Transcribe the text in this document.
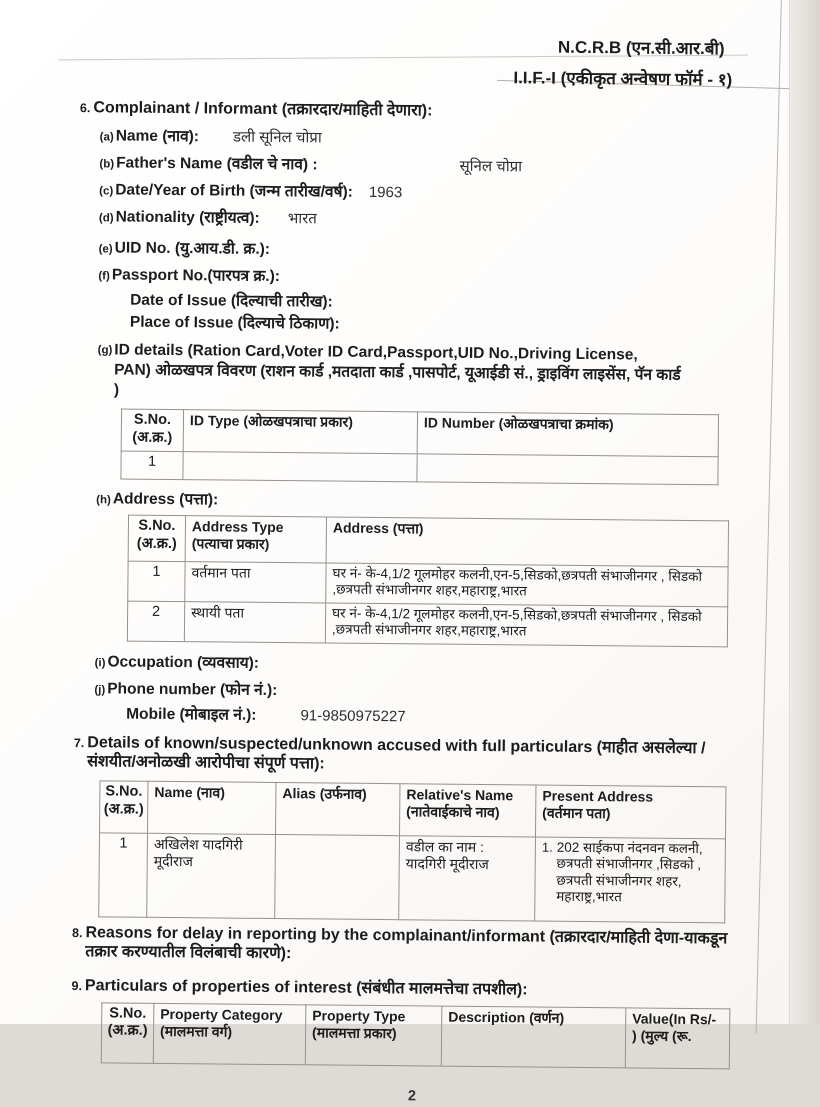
N.C.R.B (एन.सी.आर.बी)
I.I.F.-I (एकीकृत अन्वेषण फॉर्म - १)
6. Complainant / Informant (तक्रारदार/माहिती देणारा):
(a) Name (नाव): डली सूनिल चोप्रा
(b) Father's Name (वडील चे नाव) :	सूनिल चोप्रा
(c) Date/Year of Birth (जन्म तारीख/वर्ष): 1963
(d) Nationality (राष्ट्रीयत्व): भारत
(e) UID No. (यु.आय.डी. क्र.):
(f) Passport No.(पारपत्र क्र.):
Date of Issue (दिल्याची तारीख):
Place of Issue (दिल्याचे ठिकाण):
(g) ID details (Ration Card,Voter ID Card,Passport,UID No.,Driving License,
PAN) ओळखपत्र विवरण (राशन कार्ड ,मतदाता कार्ड ,पासपोर्ट, यूआईडी सं., ड्राइविंग लाइसेंस, पॅन कार्ड
)
S.No.
(अ.क्र.)	ID Type (ओळखपत्राचा प्रकार)	ID Number (ओळखपत्राचा क्रमांक)
1		
(h) Address (पत्ता):
S.No.
(अ.क्र.)	Address Type
(पत्याचा प्रकार)	Address (पत्ता)
1	वर्तमान पता	घर नं- के-4,1/2 गूलमोहर कलनी,एन-5,सिडको,छत्रपती संभाजीनगर , सिडको ,छत्रपती संभाजीनगर शहर,महाराष्ट्र,भारत
2	स्थायी पता	घर नं- के-4,1/2 गूलमोहर कलनी,एन-5,सिडको,छत्रपती संभाजीनगर , सिडको ,छत्रपती संभाजीनगर शहर,महाराष्ट्र,भारत
(i) Occupation (व्यवसाय):
(j) Phone number (फोन नं.):
Mobile (मोबाइल नं.):	91-9850975227
7. Details of known/suspected/unknown accused with full particulars (माहीत असलेल्या /संशयीत/अनोळखी आरोपीचा संपूर्ण पत्ता):
S.No.
(अ.क्र.)	Name (नाव)	Alias (उर्फनाव)	Relative's Name
(नातेवाईकाचे नाव)	Present Address
(वर्तमान पता)
1	अखिलेश यादगिरी मूदीराज		वडील का नाम :
यादगिरी मूदीराज	1. 202 साईकपा नंदनवन कलनी, छत्रपती संभाजीनगर ,सिडको , छत्रपती संभाजीनगर शहर, महाराष्ट्र,भारत
8. Reasons for delay in reporting by the complainant/informant (तक्रारदार/माहिती देणा-याकडून तक्रार करण्यातील विलंबाची कारणे):
9. Particulars of properties of interest (संबंधीत मालमत्तेचा तपशील):
S.No.
(अ.क्र.)	Property Category
(मालमत्ता वर्ग)	Property Type
(मालमत्ता प्रकार)	Description (वर्णन)	Value(In Rs/-
) (मुल्य (रू.
2
